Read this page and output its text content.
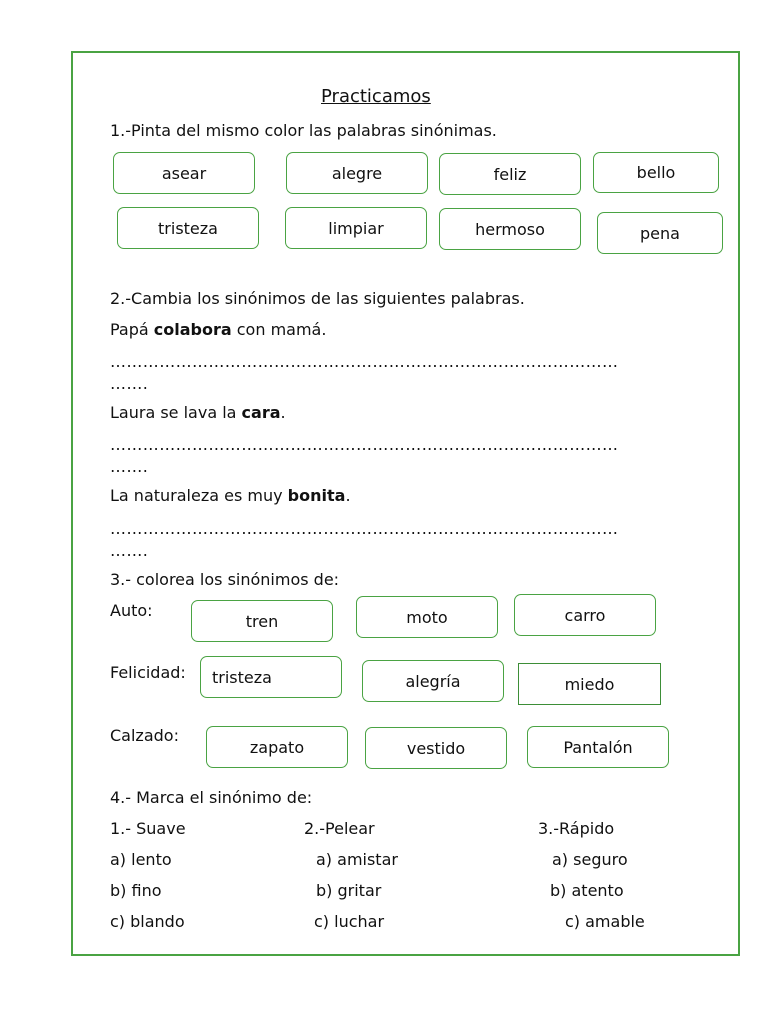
Practicamos
1.-Pinta del mismo color las palabras sinónimas.
asear	alegre	feliz	bello
tristeza	limpiar	hermoso	pena
2.-Cambia los sinónimos de las siguientes palabras.
Papá colabora con mamá.
…………………………………………………………………………………
…….
Laura se lava la cara.
…………………………………………………………………………………
…….
La naturaleza es muy bonita.
…………………………………………………………………………………
…….
3.- colorea los sinónimos de:
Auto:
tren	moto	carro
Felicidad:	tristeza	alegría	miedo
Calzado:
zapato	vestido	Pantalón
4.- Marca el sinónimo de:
1.- Suave
a) lento
b) fino
c) blando
2.-Pelear
a) amistar
b) gritar
c) luchar
3.-Rápido
a) seguro
b) atento
c) amable
